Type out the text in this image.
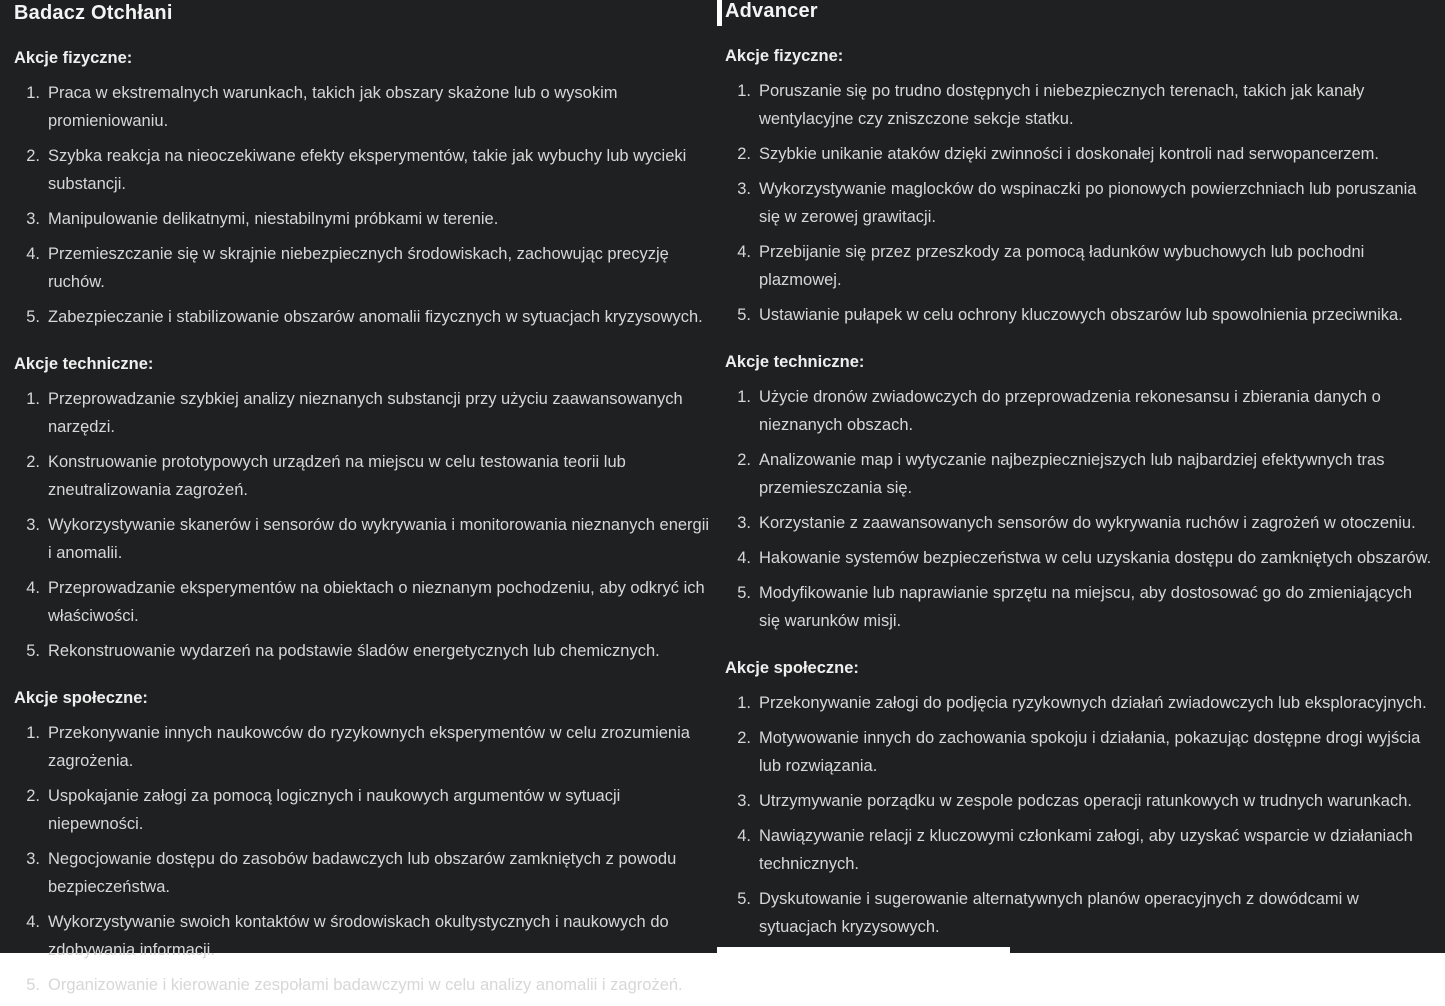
Badacz Otchłani
Akcje fizyczne:
1. Praca w ekstremalnych warunkach, takich jak obszary skażone lub o wysokim promieniowaniu.
2. Szybka reakcja na nieoczekiwane efekty eksperymentów, takie jak wybuchy lub wycieki substancji.
3. Manipulowanie delikatnymi, niestabilnymi próbkami w terenie.
4. Przemieszczanie się w skrajnie niebezpiecznych środowiskach, zachowując precyzję ruchów.
5. Zabezpieczanie i stabilizowanie obszarów anomalii fizycznych w sytuacjach kryzysowych.
Akcje techniczne:
1. Przeprowadzanie szybkiej analizy nieznanych substancji przy użyciu zaawansowanych narzędzi.
2. Konstruowanie prototypowych urządzeń na miejscu w celu testowania teorii lub zneutralizowania zagrożeń.
3. Wykorzystywanie skanerów i sensorów do wykrywania i monitorowania nieznanych energii i anomalii.
4. Przeprowadzanie eksperymentów na obiektach o nieznanym pochodzeniu, aby odkryć ich właściwości.
5. Rekonstruowanie wydarzeń na podstawie śladów energetycznych lub chemicznych.
Akcje społeczne:
1. Przekonywanie innych naukowców do ryzykownych eksperymentów w celu zrozumienia zagrożenia.
2. Uspokajanie załogi za pomocą logicznych i naukowych argumentów w sytuacji niepewności.
3. Negocjowanie dostępu do zasobów badawczych lub obszarów zamkniętych z powodu bezpieczeństwa.
4. Wykorzystywanie swoich kontaktów w środowiskach okultystycznych i naukowych do zdobywania informacji.
5. Organizowanie i kierowanie zespołami badawczymi w celu analizy anomalii i zagrożeń.
Advancer
Akcje fizyczne:
1. Poruszanie się po trudno dostępnych i niebezpiecznych terenach, takich jak kanały wentylacyjne czy zniszczone sekcje statku.
2. Szybkie unikanie ataków dzięki zwinności i doskonałej kontroli nad serwopancerzem.
3. Wykorzystywanie maglocków do wspinaczki po pionowych powierzchniach lub poruszania się w zerowej grawitacji.
4. Przebijanie się przez przeszkody za pomocą ładunków wybuchowych lub pochodni plazmowej.
5. Ustawianie pułapek w celu ochrony kluczowych obszarów lub spowolnienia przeciwnika.
Akcje techniczne:
1. Użycie dronów zwiadowczych do przeprowadzenia rekonesansu i zbierania danych o nieznanych obszach.
2. Analizowanie map i wytyczanie najbezpieczniejszych lub najbardziej efektywnych tras przemieszczania się.
3. Korzystanie z zaawansowanych sensorów do wykrywania ruchów i zagrożeń w otoczeniu.
4. Hakowanie systemów bezpieczeństwa w celu uzyskania dostępu do zamkniętych obszarów.
5. Modyfikowanie lub naprawianie sprzętu na miejscu, aby dostosować go do zmieniających się warunków misji.
Akcje społeczne:
1. Przekonywanie załogi do podjęcia ryzykownych działań zwiadowczych lub eksploracyjnych.
2. Motywowanie innych do zachowania spokoju i działania, pokazując dostępne drogi wyjścia lub rozwiązania.
3. Utrzymywanie porządku w zespole podczas operacji ratunkowych w trudnych warunkach.
4. Nawiązywanie relacji z kluczowymi członkami załogi, aby uzyskać wsparcie w działaniach technicznych.
5. Dyskutowanie i sugerowanie alternatywnych planów operacyjnych z dowódcami w sytuacjach kryzysowych.
